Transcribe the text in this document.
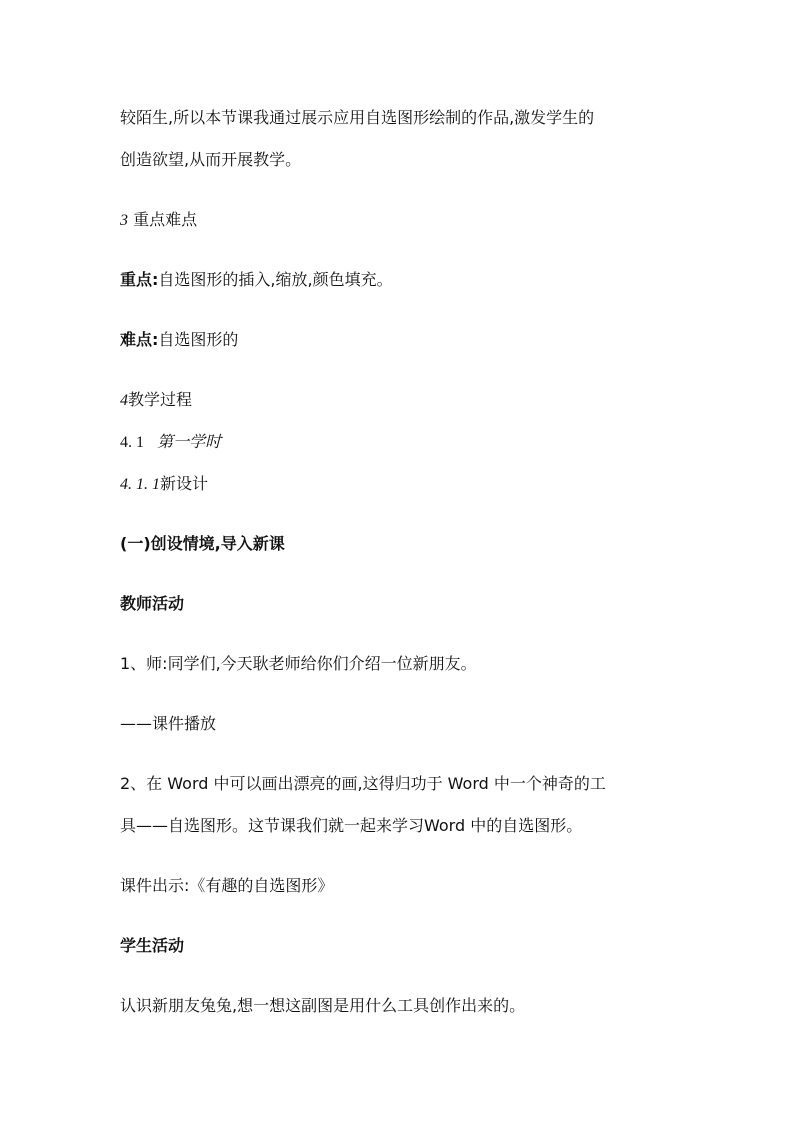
较陌生,所以本节课我通过展示应用自选图形绘制的作品,激发学生的
创造欲望,从而开展教学。
3 重点难点
重点:自选图形的插入,缩放,颜色填充。
难点:自选图形的
4教学过程
4. 1 第一学时
4. 1. 1新设计
(一)创设情境,导入新课
教师活动
1、师:同学们,今天耿老师给你们介绍一位新朋友。
——课件播放
2、在 Word 中可以画出漂亮的画,这得归功于 Word 中一个神奇的工
具——自选图形。这节课我们就一起来学习Word 中的自选图形。
课件出示:《有趣的自选图形》
学生活动
认识新朋友兔兔,想一想这副图是用什么工具创作出来的。
